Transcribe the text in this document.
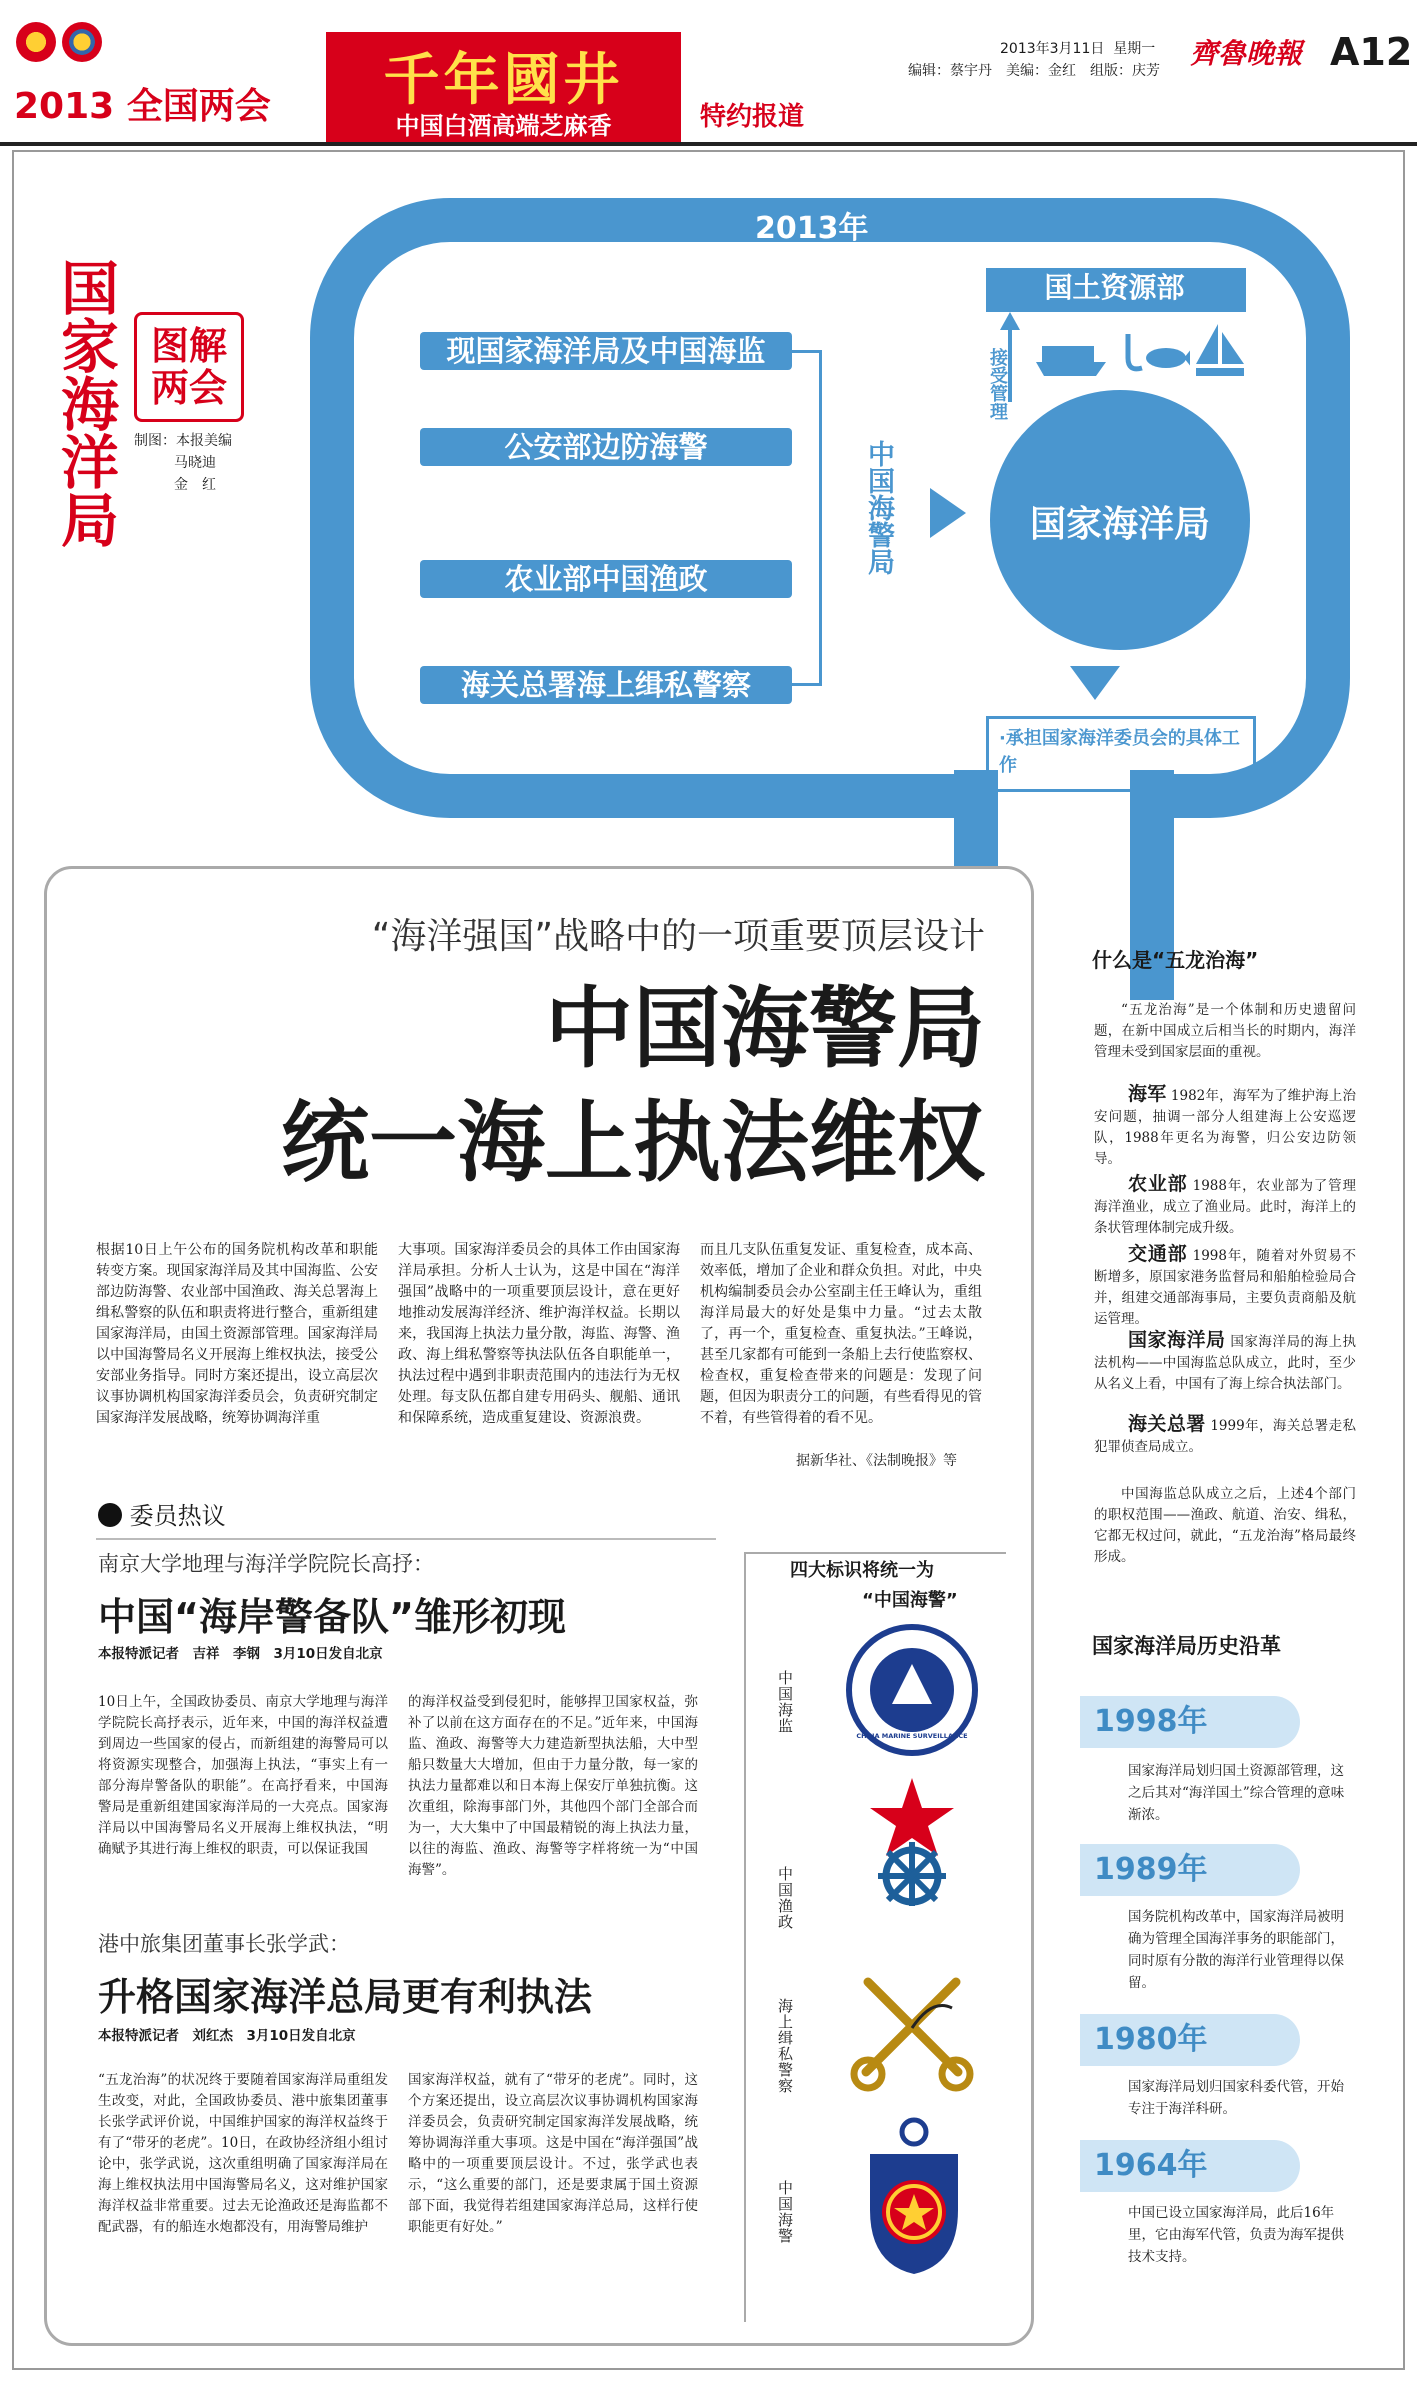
2013 全国两会	千年國井
中国白酒高端芝麻香	特约报道
2013年3月11日  星期一 齊魯晚報 A12
编辑：蔡宇丹　美编：金红　组版：庆芳
国家海洋局 图解两会
制图：本报美编
马晓迪
金　红
2013年
现国家海洋局及中国海监
公安部边防海警
农业部中国渔政
海关总署海上缉私警察
中国海警局
国土资源部
接受管理
国家海洋局
·承担国家海洋委员会的具体工作
“海洋强国”战略中的一项重要顶层设计
中国海警局
统一海上执法维权
根据10日上午公布的国务院机构改革和职能转变方案。现国家海洋局及其中国海监、公安部边防海警、农业部中国渔政、海关总署海上缉私警察的队伍和职责将进行整合，重新组建国家海洋局，由国土资源部管理。国家海洋局以中国海警局名义开展海上维权执法，接受公安部业务指导。同时方案还提出，设立高层次议事协调机构国家海洋委员会，负责研究制定国家海洋发展战略，统筹协调海洋重
大事项。国家海洋委员会的具体工作由国家海洋局承担。分析人士认为，这是中国在“海洋强国”战略中的一项重要顶层设计，意在更好地推动发展海洋经济、维护海洋权益。长期以来，我国海上执法力量分散，海监、海警、渔政、海上缉私警察等执法队伍各自职能单一，执法过程中遇到非职责范围内的违法行为无权处理。每支队伍都自建专用码头、舰船、通讯和保障系统，造成重复建设、资源浪费。
而且几支队伍重复发证、重复检查，成本高、效率低，增加了企业和群众负担。对此，中央机构编制委员会办公室副主任王峰认为，重组海洋局最大的好处是集中力量。“过去太散了，再一个，重复检查、重复执法。”王峰说，甚至几家都有可能到一条船上去行使监察权、检查权，重复检查带来的问题是：发现了问题，但因为职责分工的问题，有些看得见的管不着，有些管得着的看不见。
据新华社、《法制晚报》等
委员热议
南京大学地理与海洋学院院长高抒：
中国“海岸警备队”雏形初现
本报特派记者　吉祥　李钢　3月10日发自北京
10日上午，全国政协委员、南京大学地理与海洋学院院长高抒表示，近年来，中国的海洋权益遭到周边一些国家的侵占，而新组建的海警局可以将资源实现整合，加强海上执法，“事实上有一部分海岸警备队的职能”。在高抒看来，中国海警局是重新组建国家海洋局的一大亮点。国家海洋局以中国海警局名义开展海上维权执法，“明确赋予其进行海上维权的职责，可以保证我国
的海洋权益受到侵犯时，能够捍卫国家权益，弥补了以前在这方面存在的不足。”近年来，中国海监、渔政、海警等大力建造新型执法船，大中型船只数量大大增加，但由于力量分散，每一家的执法力量都难以和日本海上保安厅单独抗衡。这次重组，除海事部门外，其他四个部门全部合而为一，大大集中了中国最精锐的海上执法力量，以往的海监、渔政、海警等字样将统一为“中国海警”。
港中旅集团董事长张学武：
升格国家海洋总局更有利执法
本报特派记者　刘红杰　3月10日发自北京
“五龙治海”的状况终于要随着国家海洋局重组发生改变，对此，全国政协委员、港中旅集团董事长张学武评价说，中国维护国家的海洋权益终于有了“带牙的老虎”。10日，在政协经济组小组讨论中，张学武说，这次重组明确了国家海洋局在海上维权执法用中国海警局名义，这对维护国家海洋权益非常重要。过去无论渔政还是海监都不配武器，有的船连水炮都没有，用海警局维护
国家海洋权益，就有了“带牙的老虎”。同时，这个方案还提出，设立高层次议事协调机构国家海洋委员会，负责研究制定国家海洋发展战略，统筹协调海洋重大事项。这是中国在“海洋强国”战略中的一项重要顶层设计。不过，张学武也表示，“这么重要的部门，还是要隶属于国土资源部下面，我觉得若组建国家海洋总局，这样行使职能更有好处。”
四大标识将统一为
“中国海警”
中国海监
CHINA MARINE SURVEILLANCE
中国渔政
海上缉私警察
中国海警
什么是“五龙治海”
“五龙治海”是一个体制和历史遗留问题，在新中国成立后相当长的时期内，海洋管理未受到国家层面的重视。
海军 1982年，海军为了维护海上治安问题，抽调一部分人组建海上公安巡逻队，1988年更名为海警，归公安边防领导。
农业部 1988年，农业部为了管理海洋渔业，成立了渔业局。此时，海洋上的条状管理体制完成升级。
交通部 1998年，随着对外贸易不断增多，原国家港务监督局和船舶检验局合并，组建交通部海事局，主要负责商船及航运管理。
国家海洋局 国家海洋局的海上执法机构——中国海监总队成立，此时，至少从名义上看，中国有了海上综合执法部门。
海关总署 1999年，海关总署走私犯罪侦查局成立。
中国海监总队成立之后，上述4个部门的职权范围——渔政、航道、治安、缉私，它都无权过问，就此，“五龙治海”格局最终形成。
国家海洋局历史沿革
1998年
国家海洋局划归国土资源部管理，这之后其对“海洋国土”综合管理的意味渐浓。
1989年
国务院机构改革中，国家海洋局被明确为管理全国海洋事务的职能部门，同时原有分散的海洋行业管理得以保留。
1980年
国家海洋局划归国家科委代管，开始专注于海洋科研。
1964年
中国已设立国家海洋局，此后16年里，它由海军代管，负责为海军提供技术支持。
